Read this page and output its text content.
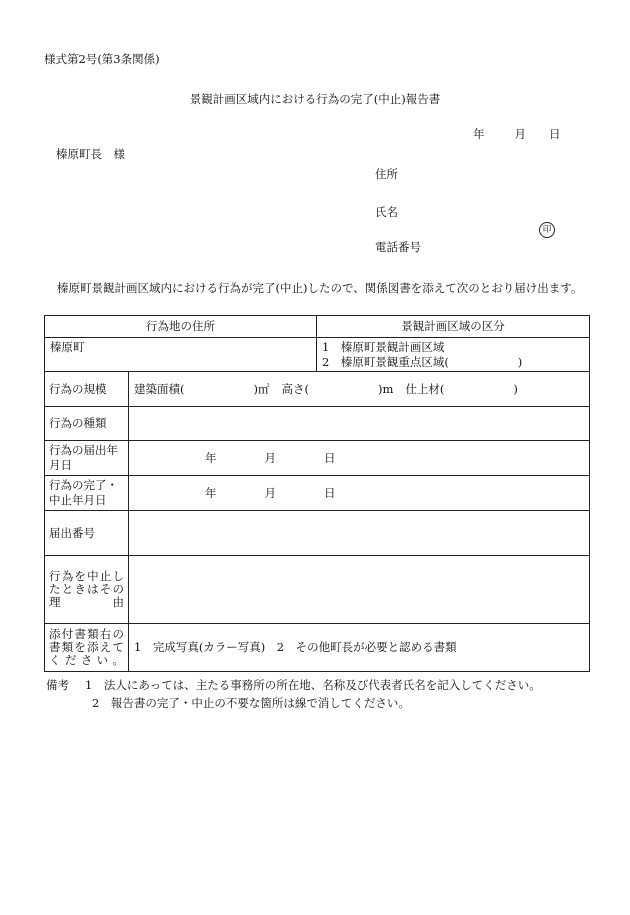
様式第2号(第3条関係)
景観計画区域内における行為の完了(中止)報告書
年	月 日
榛原町長　様
住所
氏名
印
電話番号
榛原町景観計画区域内における行為が完了(中止)したので、関係図書を添えて次のとおり届け出ます。
行為地の住所		景観計画区域の区分
榛原町		1　榛原町景観計画区域
2　榛原町景観重点区域(　　　　　　)

行為の規模	建築面積(　　　　　　)㎡ 高さ(　　　　　　)m 仕上材(　　　　　　)	
行為の種類		
行為の届出年月日	年 月 日	
行為の完了・中止年月日	年 月 日	
届出番号		
行為を中止したときはその理由		
添付書類右の書類を添えてください。	1　完成写真(カラー写真)　2　その他町長が必要と認める書類	
備考 1　法人にあっては、主たる事務所の所在地、名称及び代表者氏名を記入してください。
2　報告書の完了・中止の不要な箇所は線で消してください。
